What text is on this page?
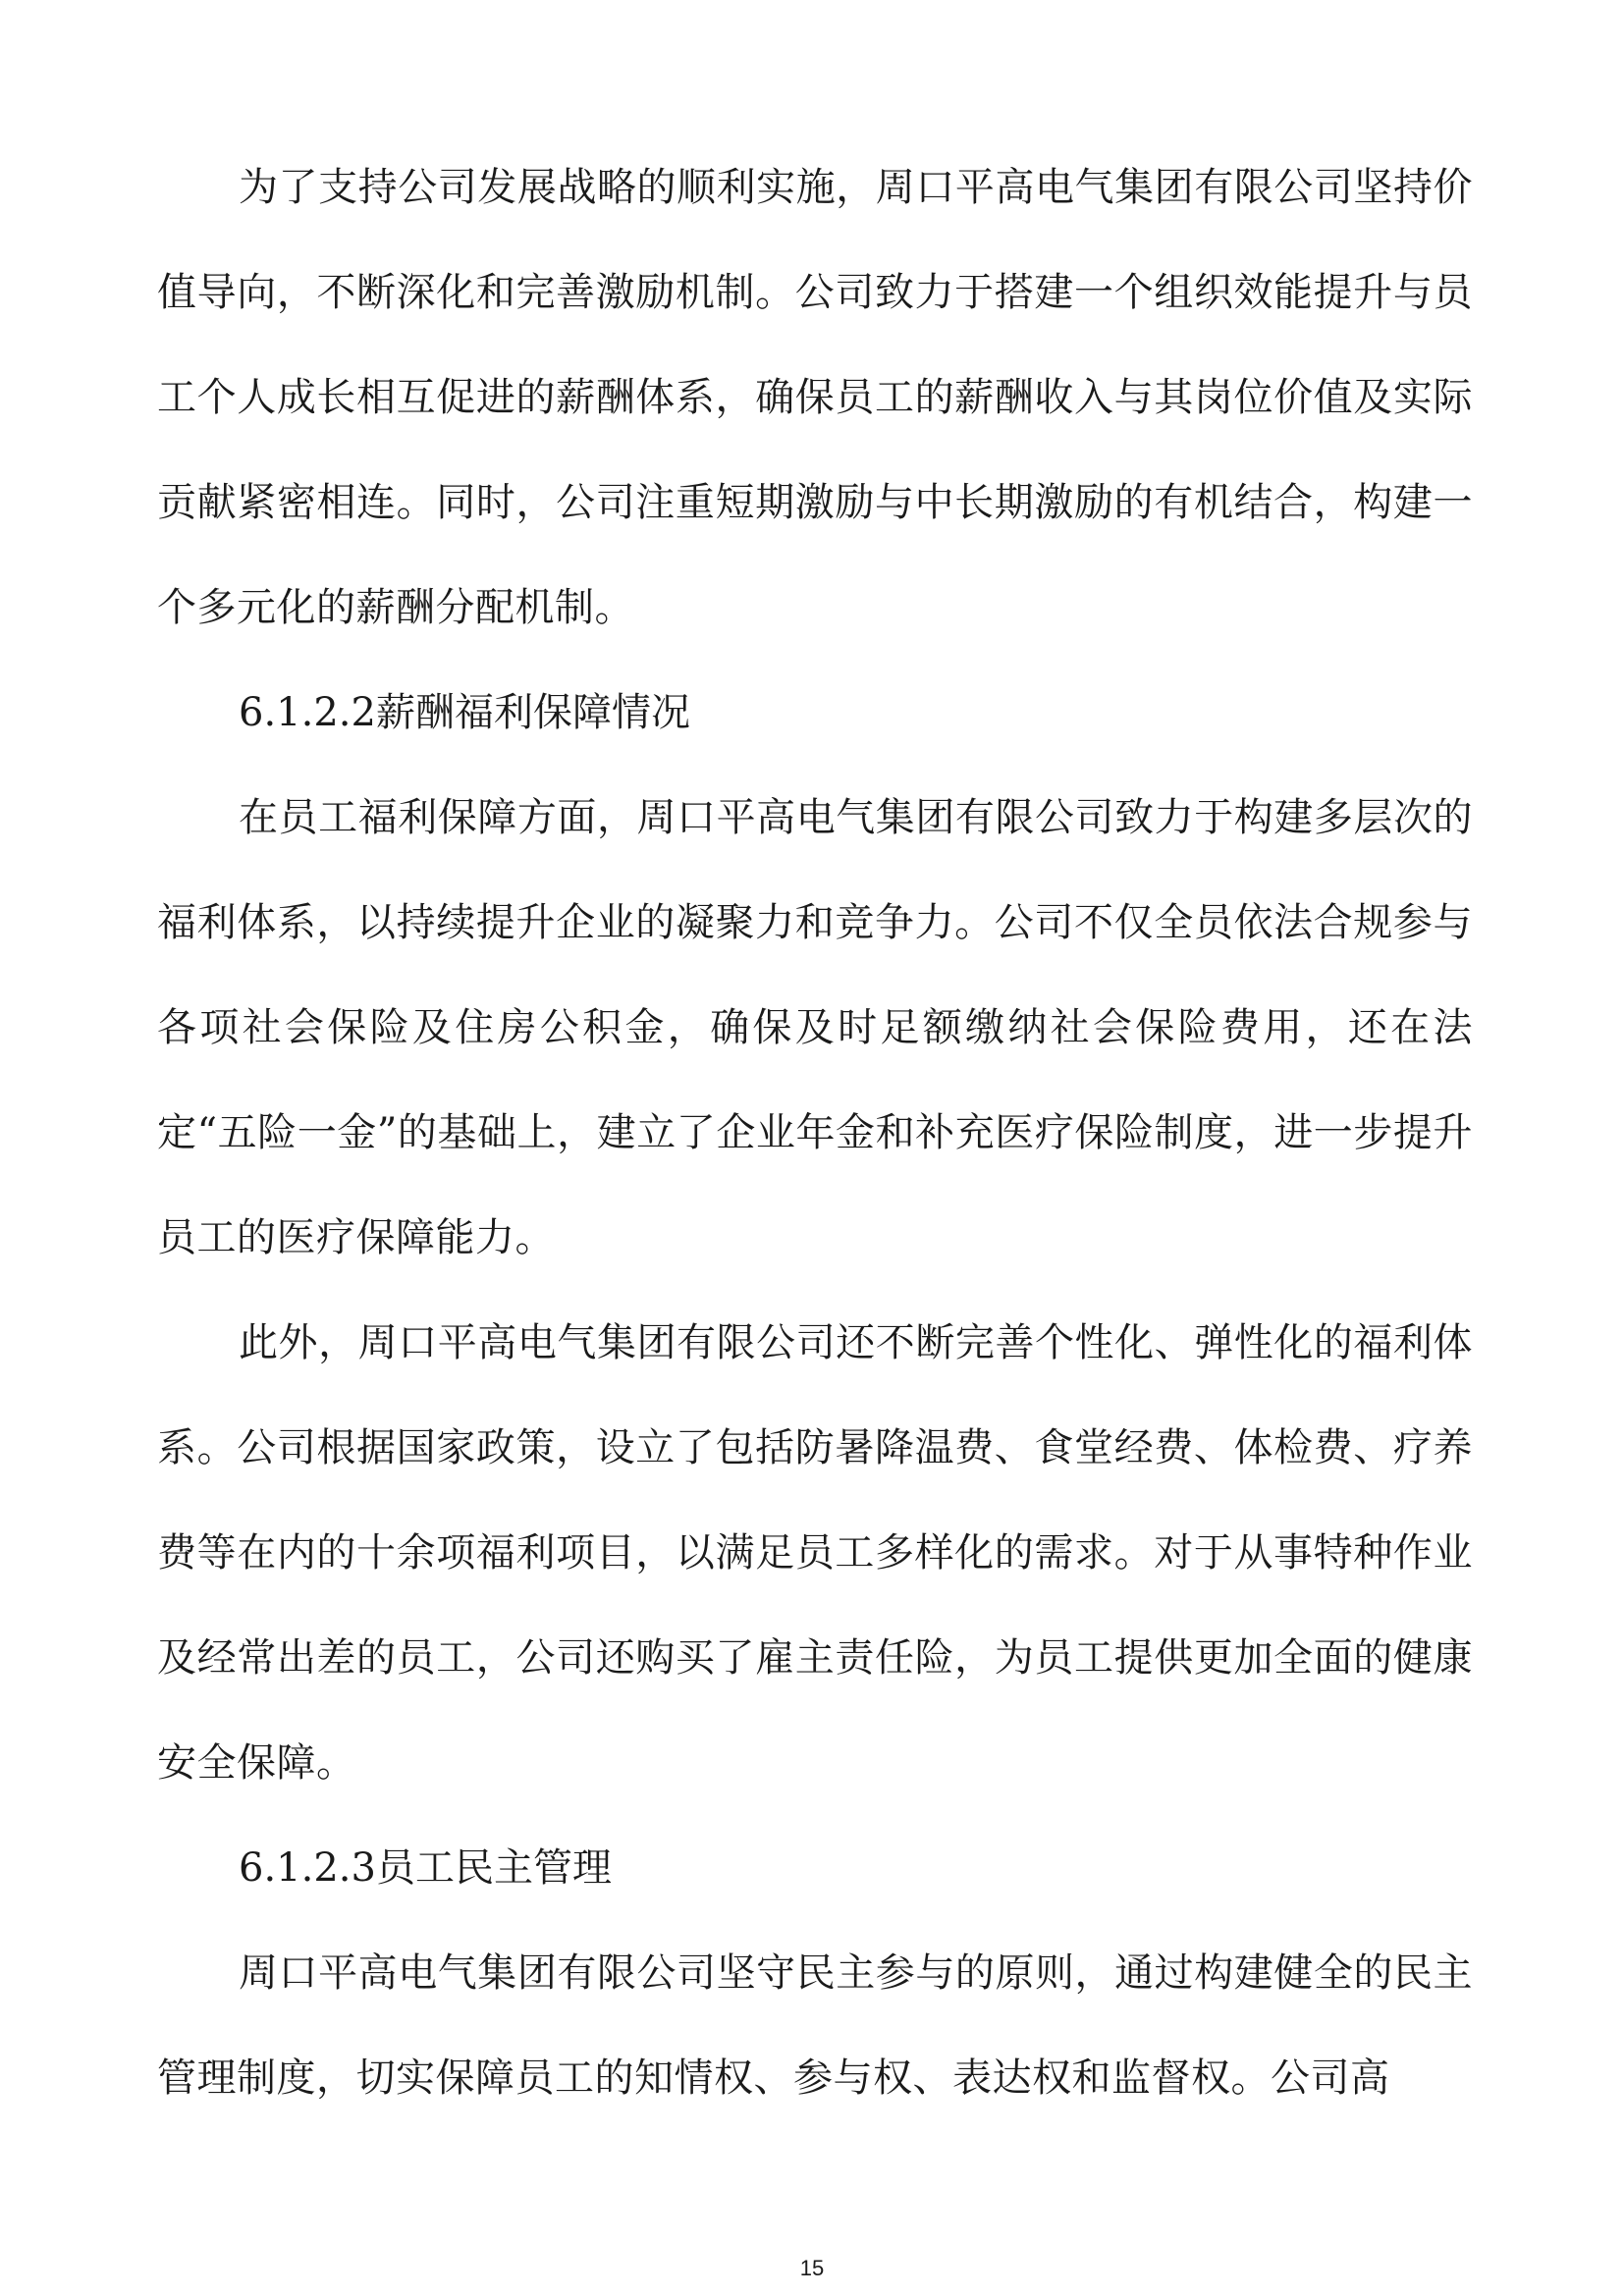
为了支持公司发展战略的顺利实施，周口平高电气集团有限公司坚持价值导向，不断深化和完善激励机制。公司致力于搭建一个组织效能提升与员工个人成长相互促进的薪酬体系，确保员工的薪酬收入与其岗位价值及实际贡献紧密相连。同时，公司注重短期激励与中长期激励的有机结合，构建一个多元化的薪酬分配机制。

6.1.2.2薪酬福利保障情况

在员工福利保障方面，周口平高电气集团有限公司致力于构建多层次的福利体系，以持续提升企业的凝聚力和竞争力。公司不仅全员依法合规参与各项社会保险及住房公积金，确保及时足额缴纳社会保险费用，还在法定“五险一金”的基础上，建立了企业年金和补充医疗保险制度，进一步提升员工的医疗保障能力。

此外，周口平高电气集团有限公司还不断完善个性化、弹性化的福利体系。公司根据国家政策，设立了包括防暑降温费、食堂经费、体检费、疗养费等在内的十余项福利项目，以满足员工多样化的需求。对于从事特种作业及经常出差的员工，公司还购买了雇主责任险，为员工提供更加全面的健康安全保障。

6.1.2.3员工民主管理

周口平高电气集团有限公司坚守民主参与的原则，通过构建健全的民主管理制度，切实保障员工的知情权、参与权、表达权和监督权。公司高

15
